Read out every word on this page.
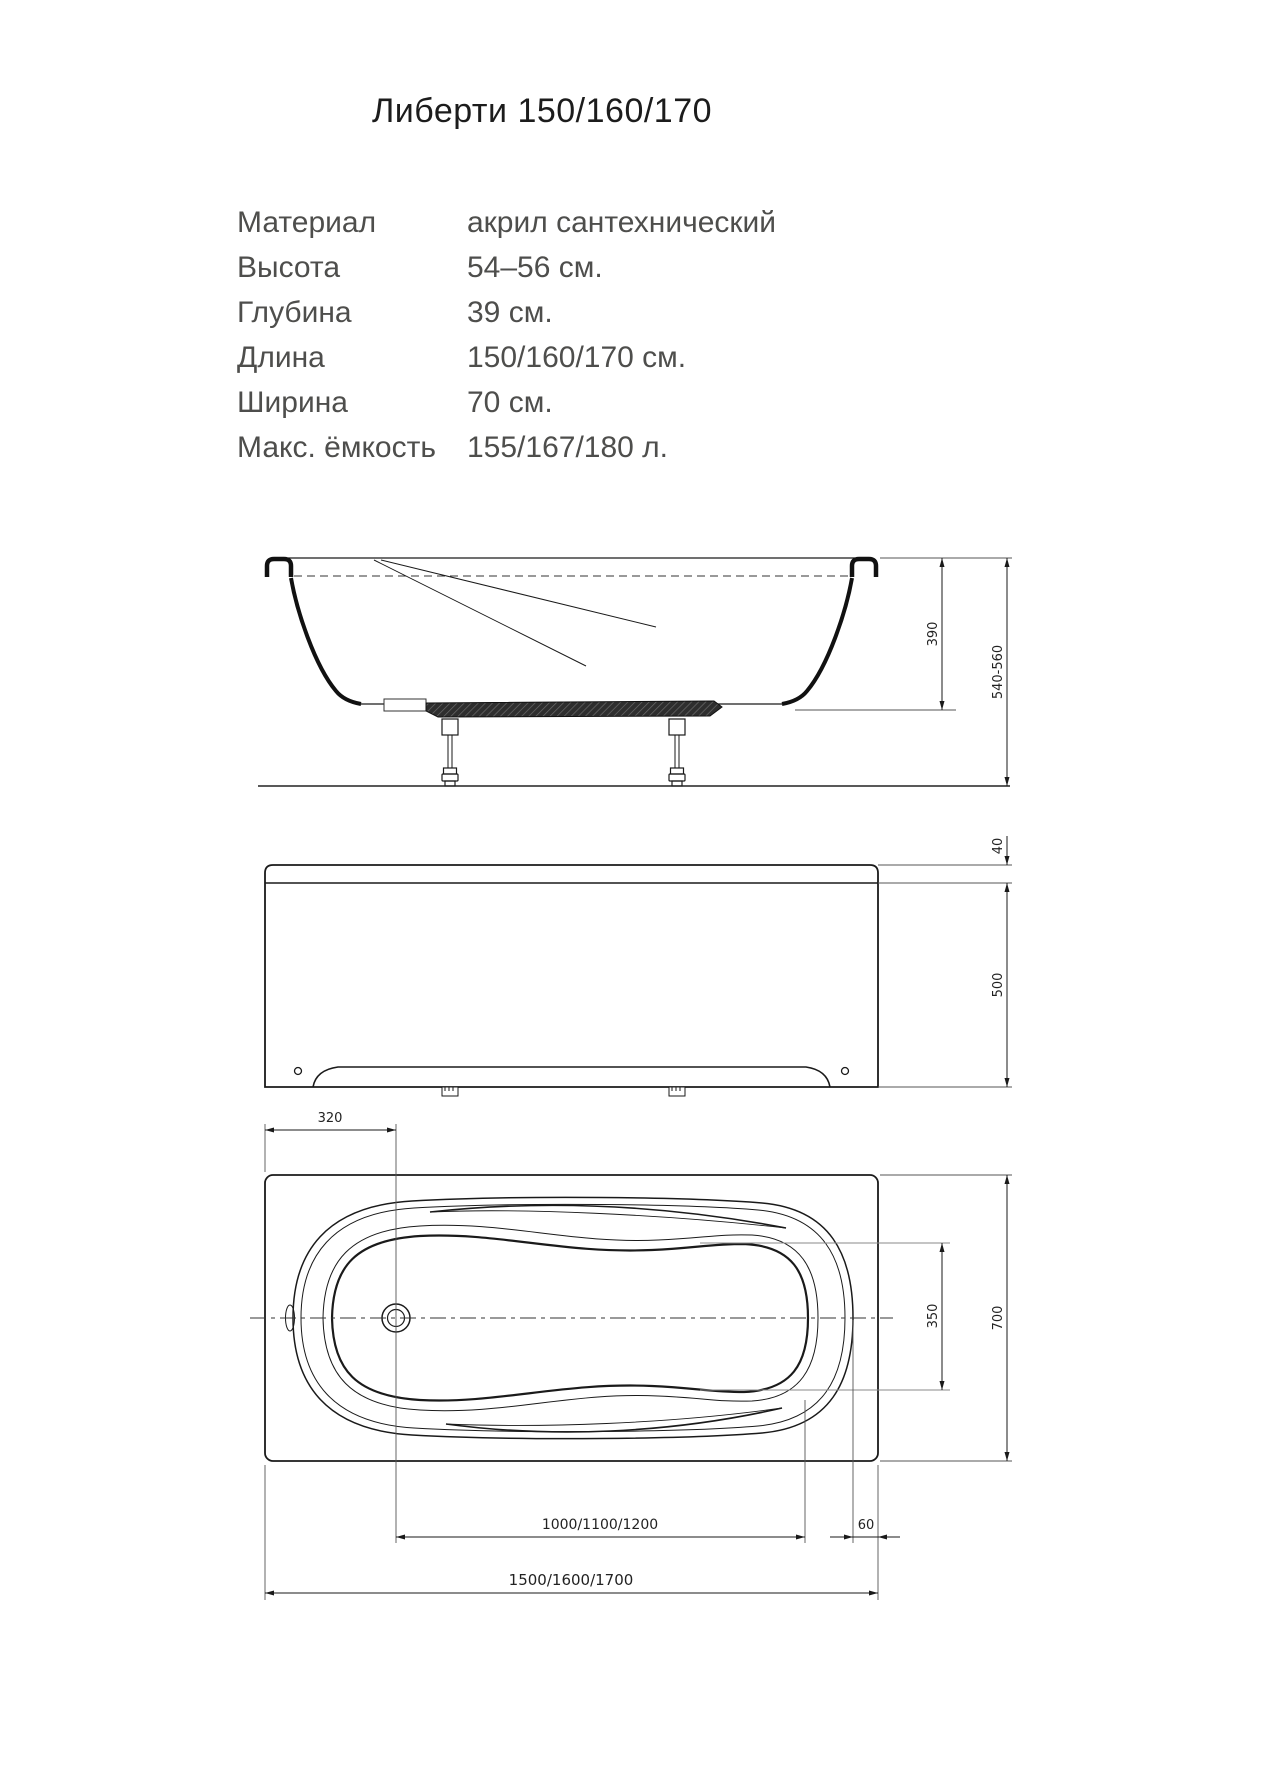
Либерти 150/160/170
Материал	акрил сантехнический
Высота	54–56 см.
Глубина	39 см.
Длина	150/160/170 см.
Ширина	70 см.
Макс. ёмкость	155/167/180 л.
390
540-560
40
500
320
350	700
1000/1100/1200	60
1500/1600/1700
